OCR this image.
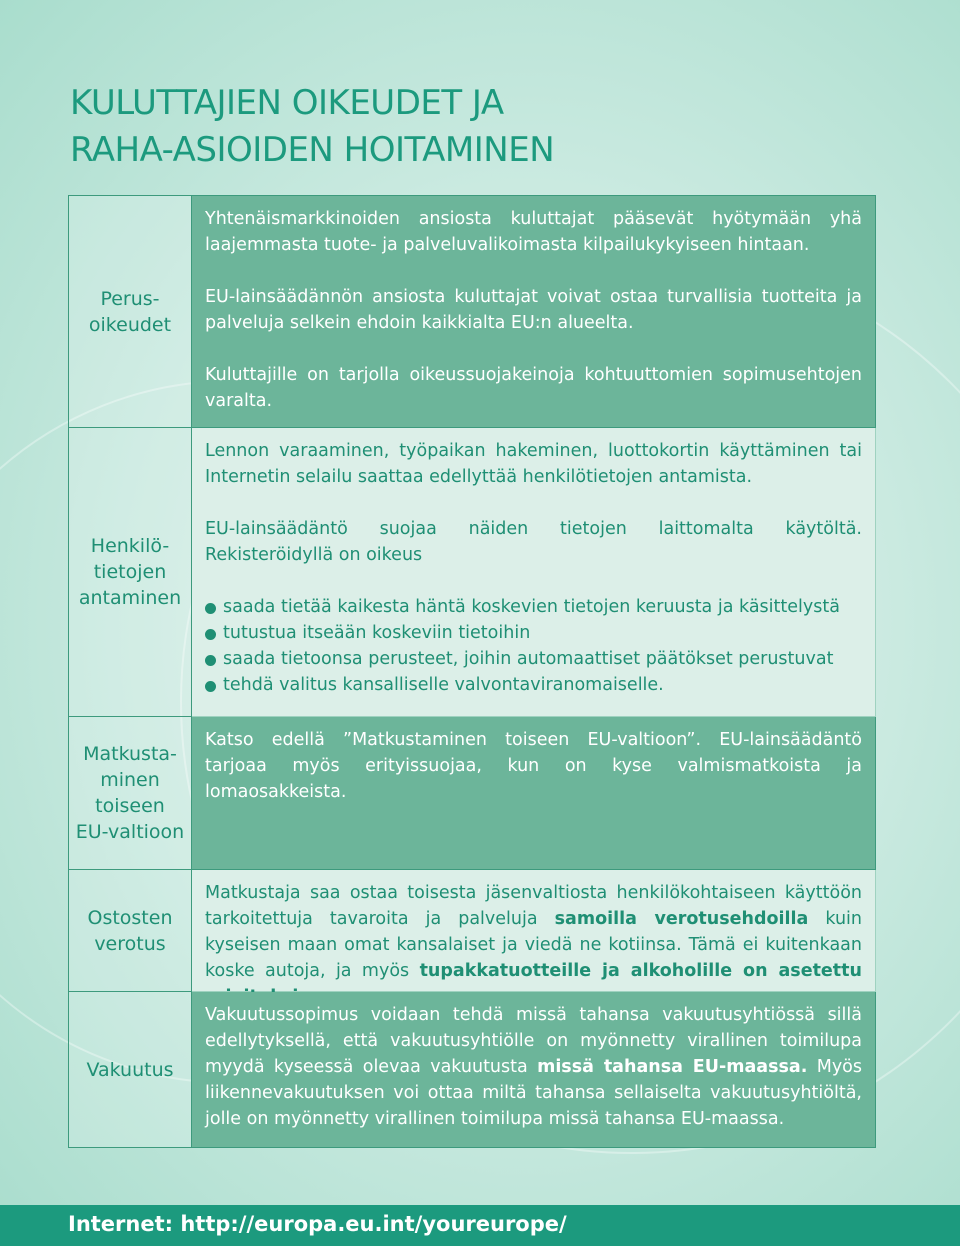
KULUTTAJIEN OIKEUDET JA
RAHA-ASIOIDEN HOITAMINEN
Perus-
oikeudet

Yhtenäismarkkinoiden ansiosta kuluttajat pääsevät hyötymään yhä laajemmasta tuote- ja palveluvalikoimasta kilpailukykyiseen hintaan.

EU-lainsäädännön ansiosta kuluttajat voivat ostaa turvallisia tuotteita ja palveluja selkein ehdoin kaikkialta EU:n alueelta.

Kuluttajille on tarjolla oikeussuojakeinoja kohtuuttomien sopimusehtojen varalta.

Henkilö-
tietojen
antaminen

Lennon varaaminen, työpaikan hakeminen, luottokortin käyttäminen tai Internetin selailu saattaa edellyttää henkilötietojen antamista.

EU-lainsäädäntö suojaa näiden tietojen laittomalta käytöltä. Rekisteröidyllä on oikeus

saada tietää kaikesta häntä koskevien tietojen keruusta ja käsittelystä
tutustua itseään koskeviin tietoihin
saada tietoonsa perusteet, joihin automaattiset päätökset perustuvat
tehdä valitus kansalliselle valvontaviranomaiselle.
Matkusta-
minen
toiseen
EU-valtioon

Katso edellä ”Matkustaminen toiseen EU-valtioon”. EU-lainsäädäntö tarjoaa myös erityissuojaa, kun on kyse valmismatkoista ja lomaosakkeista.

Ostosten
verotus

Matkustaja saa ostaa toisesta jäsenvaltiosta henkilökohtaiseen käyttöön tarkoitettuja tavaroita ja palveluja samoilla verotusehdoilla kuin kyseisen maan omat kansalaiset ja viedä ne kotiinsa. Tämä ei kuitenkaan koske autoja, ja myös tupakkatuotteille ja alkoholille on asetettu

Vakuutus

Vakuutussopimus voidaan tehdä missä tahansa vakuutusyhtiössä sillä edellytyksellä, että vakuutusyhtiölle on myönnetty virallinen toimilupa myydä kyseessä olevaa vakuutusta missä tahansa EU-maassa. Myös liikennevakuutuksen voi ottaa miltä tahansa sellaiselta vakuutusyhtiöltä, jolle on myönnetty virallinen toimilupa missä tahansa EU-maassa.

Internet: http://europa.eu.int/youreurope/
